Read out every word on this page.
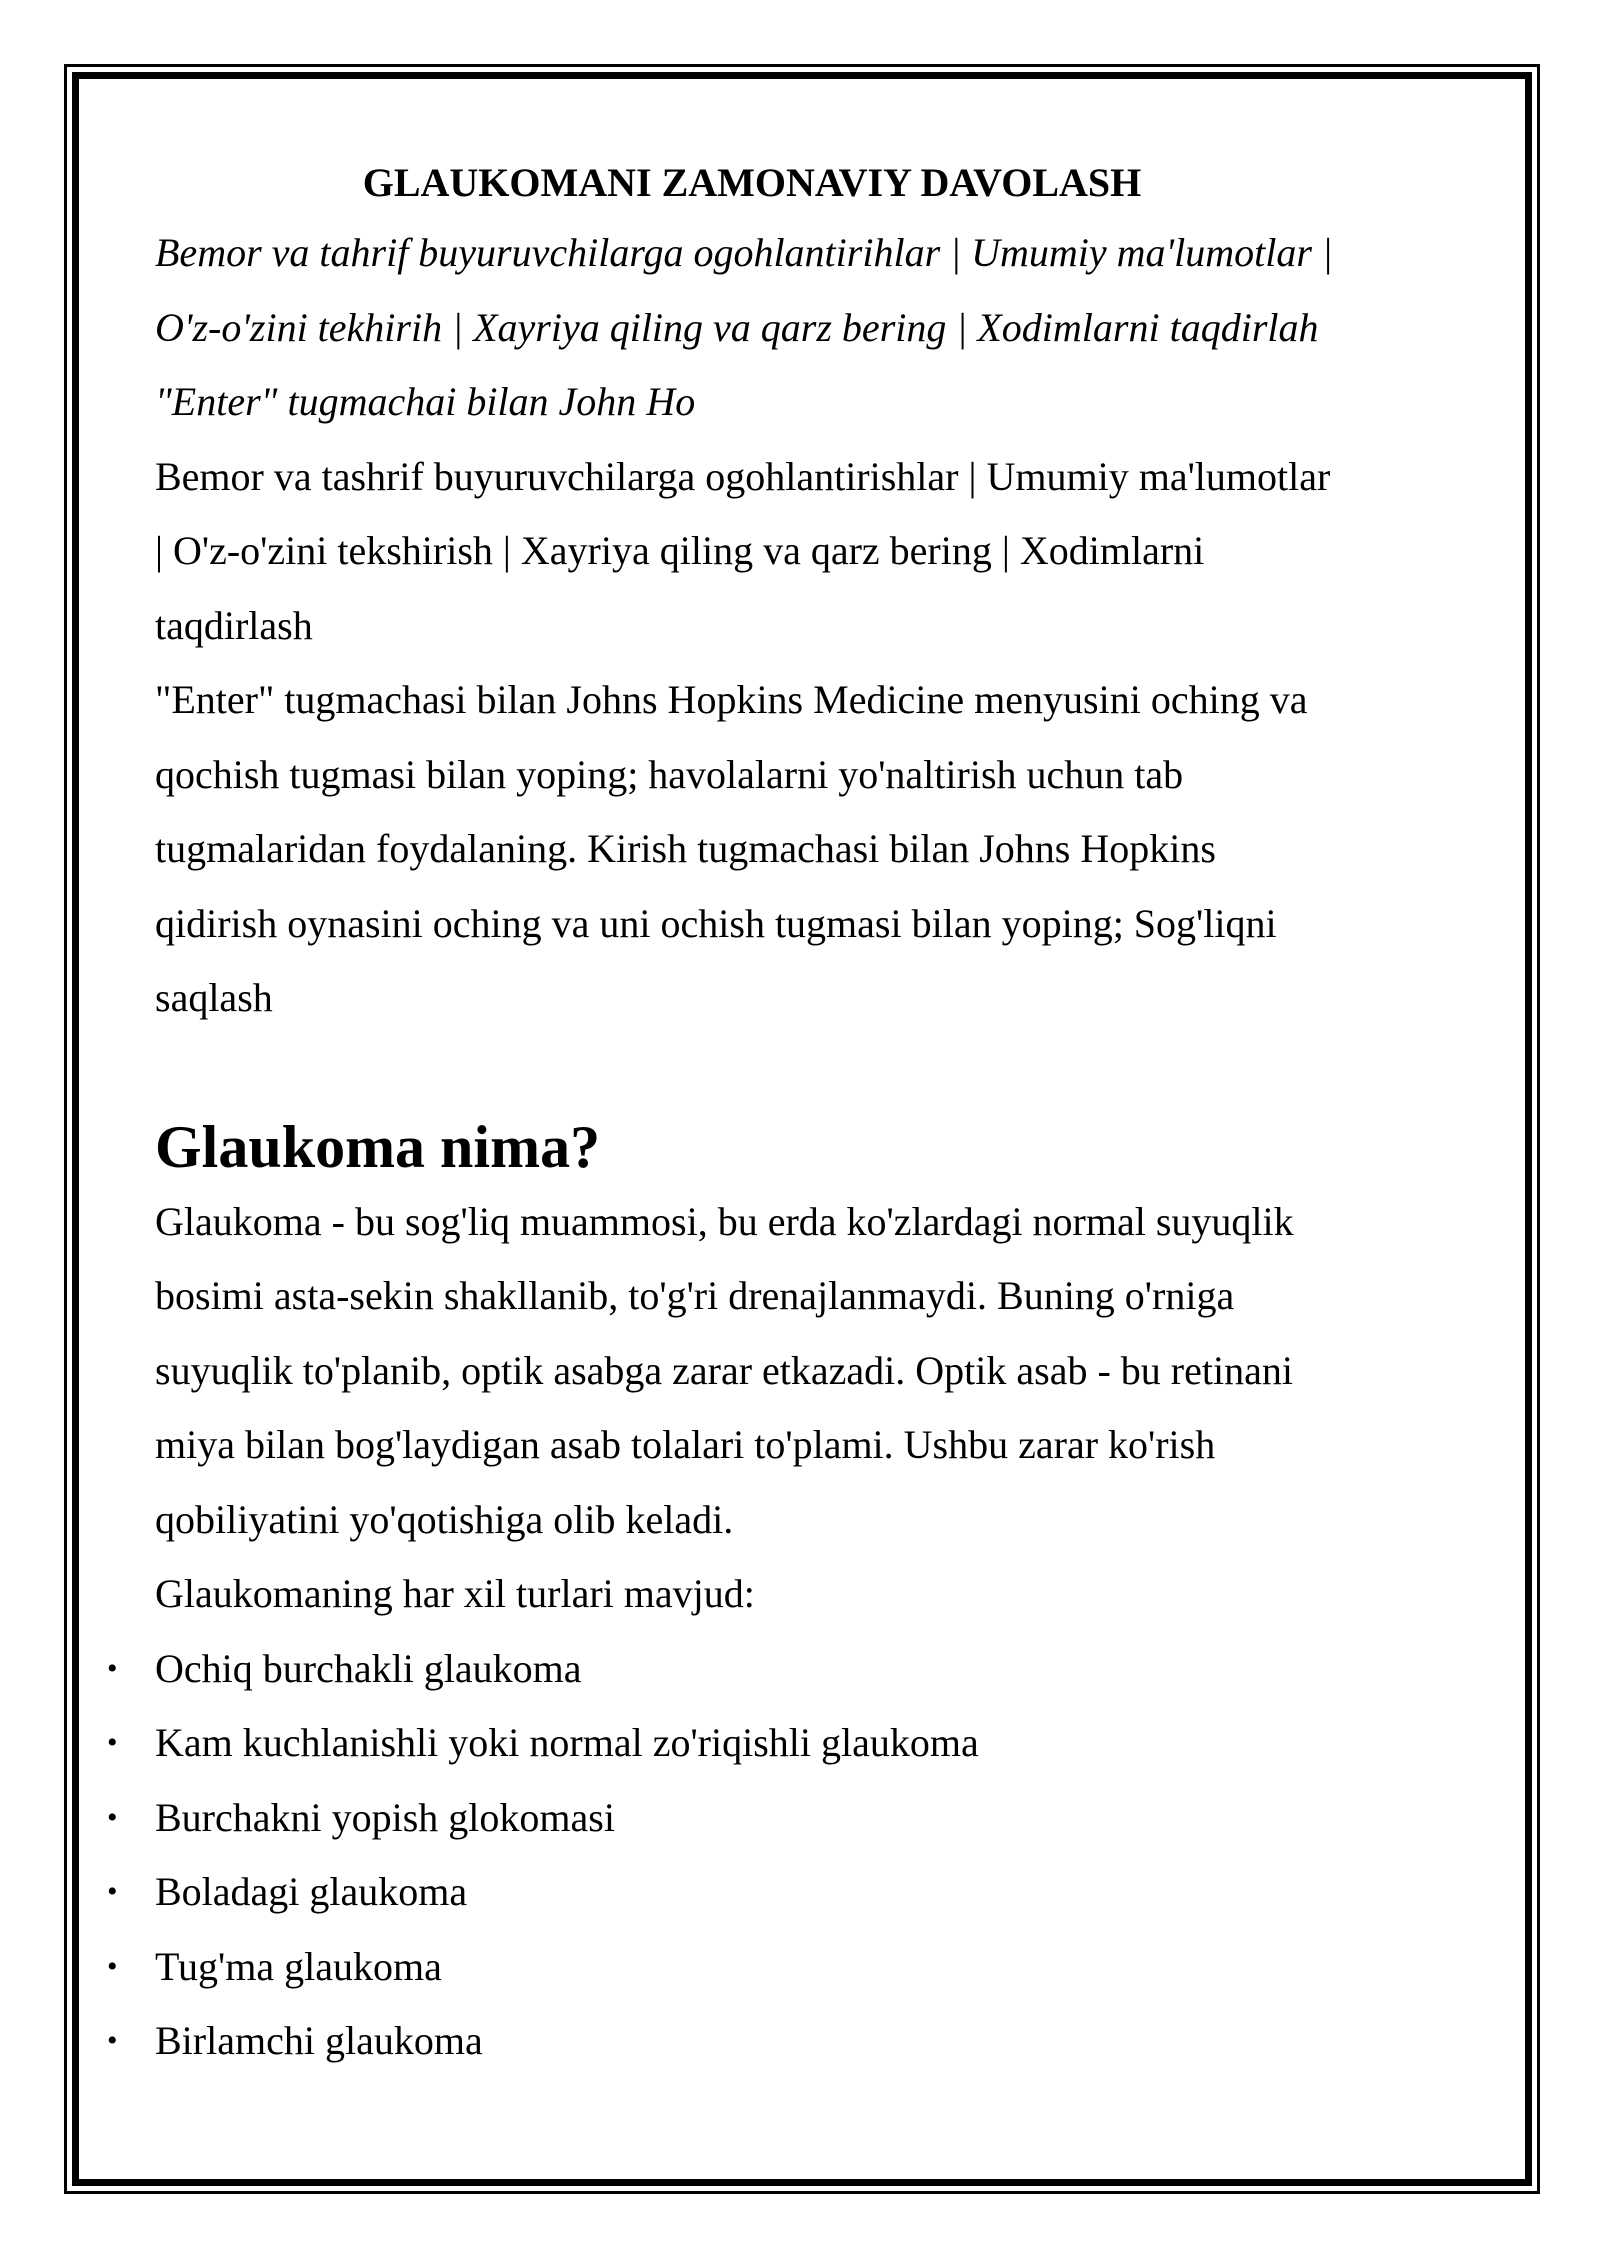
GLAUKOMANI ZAMONAVIY DAVOLASH

Bemor va tahrif buyuruvchilarga ogohlantirihlar | Umumiy ma'lumotlar |

O'z-o'zini tekhirih | Xayriya qiling va qarz bering | Xodimlarni taqdirlah

"Enter" tugmachai bilan John Ho

Bemor va tashrif buyuruvchilarga ogohlantirishlar | Umumiy ma'lumotlar

| O'z-o'zini tekshirish | Xayriya qiling va qarz bering | Xodimlarni

taqdirlash

"Enter" tugmachasi bilan Johns Hopkins Medicine menyusini oching va

qochish tugmasi bilan yoping; havolalarni yo'naltirish uchun tab

tugmalaridan foydalaning. Kirish tugmachasi bilan Johns Hopkins

qidirish oynasini oching va uni ochish tugmasi bilan yoping; Sog'liqni

saqlash

Glaukoma nima?

Glaukoma - bu sog'liq muammosi, bu erda ko'zlardagi normal suyuqlik

bosimi asta-sekin shakllanib, to'g'ri drenajlanmaydi. Buning o'rniga

suyuqlik to'planib, optik asabga zarar etkazadi. Optik asab - bu retinani

miya bilan bog'laydigan asab tolalari to'plami. Ushbu zarar ko'rish

qobiliyatini yo'qotishiga olib keladi.

Glaukomaning har xil turlari mavjud:

• Ochiq burchakli glaukoma
• Kam kuchlanishli yoki normal zo'riqishli glaukoma
• Burchakni yopish glokomasi
• Boladagi glaukoma
• Tug'ma glaukoma
• Birlamchi glaukoma
